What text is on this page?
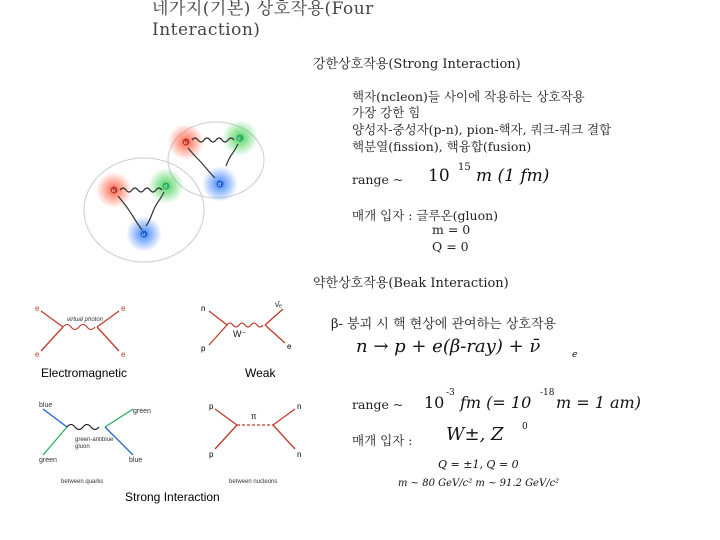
네가지(기본) 상호작용(Four
Interaction)
강한상호작용(Strong Interaction)
핵자(ncleon)들 사이에 작용하는 상호작용
가장 강한 힘
양성자-중성자(p-n), pion-핵자, 쿼크-쿼크 결합
핵분열(fission), 핵융합(fusion)
range ~ 10 15 m (1 fm)
매개 입자 : 글루온(gluon)
m = 0
Q = 0
u
u
d
c
d
u
약한상호작용(Beak Interaction)
virtual photon
e
e
e
e
Electromagnetic
W⁻
ν̄ₑ
n
p	e
Weak
blue
green
green	blue
green-antiblue gluon
between quarks
π
p
p
n
n
between nucleons
Strong Interaction
β- 붕괴 시 핵 현상에 관여하는 상호작용
n → p + e(β-ray) + ν̄	e
range ~ 10 -3 fm (= 10 -18 m = 1 am)
매개 입자 : W±, Z 0
Q = ±1, Q = 0
m ~ 80 GeV/c² m ~ 91.2 GeV/c²
